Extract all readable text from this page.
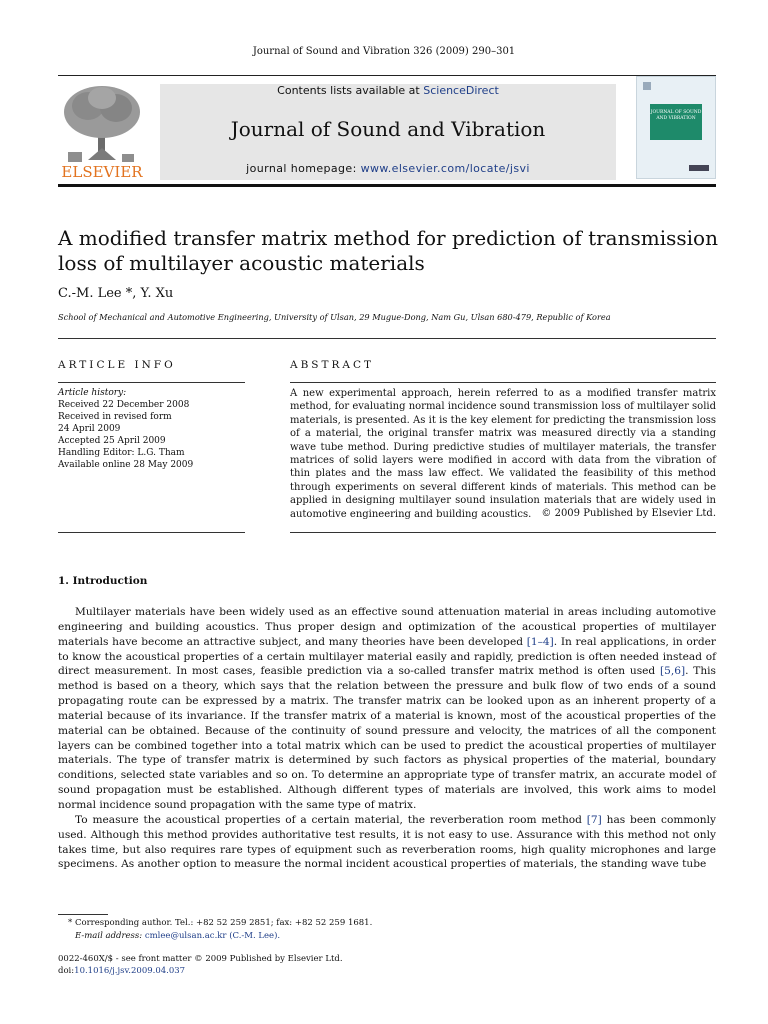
Journal of Sound and Vibration 326 (2009) 290–301
ELSEVIER
Contents lists available at ScienceDirect
Journal of Sound and Vibration
journal homepage: www.elsevier.com/locate/jsvi
JOURNAL OF SOUND AND VIBRATION
A modified transfer matrix method for prediction of transmission loss of multilayer acoustic materials
C.-M. Lee *, Y. Xu
School of Mechanical and Automotive Engineering, University of Ulsan, 29 Mugue-Dong, Nam Gu, Ulsan 680-479, Republic of Korea
ARTICLE INFO	ABSTRACT
Article history:
Received 22 December 2008
Received in revised form
24 April 2009
Accepted 25 April 2009
Handling Editor: L.G. Tham
Available online 28 May 2009
A new experimental approach, herein referred to as a modified transfer matrix method, for evaluating normal incidence sound transmission loss of multilayer solid materials, is presented. As it is the key element for predicting the transmission loss of a material, the original transfer matrix was measured directly via a standing wave tube method. During predictive studies of multilayer materials, the transfer matrices of solid layers were modified in accord with data from the vibration of thin plates and the mass law effect. We validated the feasibility of this method through experiments on several different kinds of materials. This method can be applied in designing multilayer sound insulation materials that are widely used in automotive engineering and building acoustics.	© 2009 Published by Elsevier Ltd.
1. Introduction

Multilayer materials have been widely used as an effective sound attenuation material in areas including automotive engineering and building acoustics. Thus proper design and optimization of the acoustical properties of multilayer materials have become an attractive subject, and many theories have been developed [1–4]. In real applications, in order to know the acoustical properties of a certain multilayer material easily and rapidly, prediction is often needed instead of direct measurement. In most cases, feasible prediction via a so-called transfer matrix method is often used [5,6]. This method is based on a theory, which says that the relation between the pressure and bulk flow of two ends of a sound propagating route can be expressed by a matrix. The transfer matrix can be looked upon as an inherent property of a material because of its invariance. If the transfer matrix of a material is known, most of the acoustical properties of the material can be obtained. Because of the continuity of sound pressure and velocity, the matrices of all the component layers can be combined together into a total matrix which can be used to predict the acoustical properties of multilayer materials. The type of transfer matrix is determined by such factors as physical properties of the material, boundary conditions, selected state variables and so on. To determine an appropriate type of transfer matrix, an accurate model of sound propagation must be established. Although different types of materials are involved, this work aims to model normal incidence sound propagation with the same type of matrix.

To measure the acoustical properties of a certain material, the reverberation room method [7] has been commonly used. Although this method provides authoritative test results, it is not easy to use. Assurance with this method not only takes time, but also requires rare types of equipment such as reverberation rooms, high quality microphones and large specimens. As another option to measure the normal incident acoustical properties of materials, the standing wave tube

* Corresponding author. Tel.: +82 52 259 2851; fax: +82 52 259 1681.
E-mail address: cmlee@ulsan.ac.kr (C.-M. Lee).
0022-460X/$ - see front matter © 2009 Published by Elsevier Ltd.
doi:10.1016/j.jsv.2009.04.037
